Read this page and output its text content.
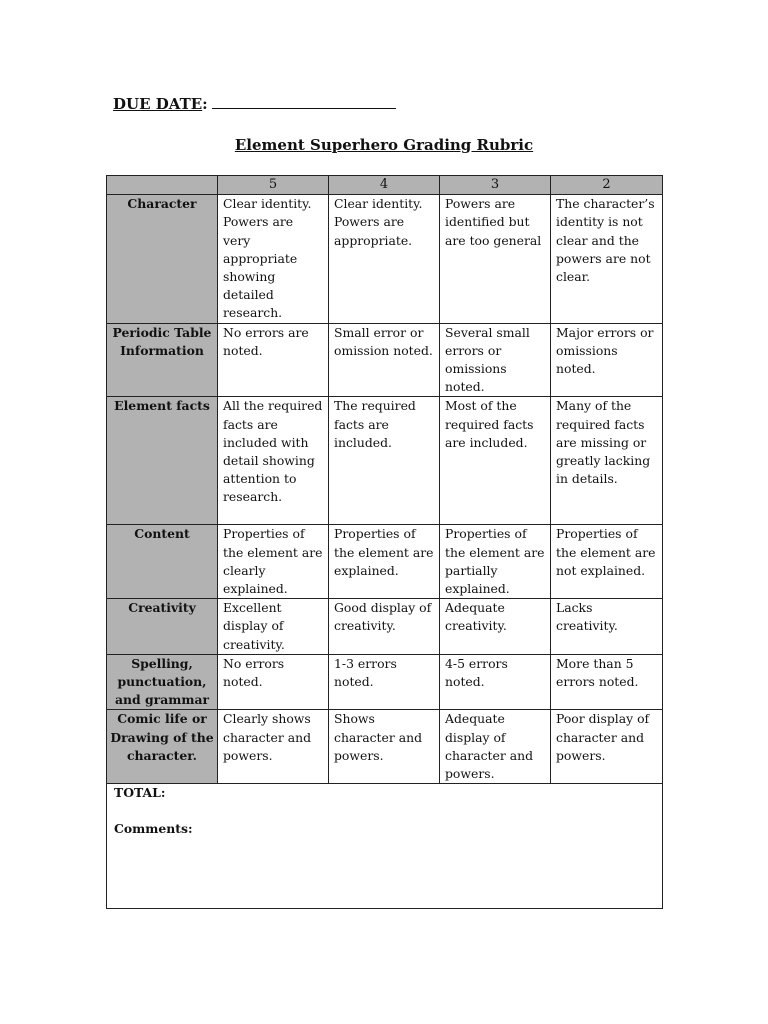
DUE DATE:
Element Superhero Grading Rubric
	5	4	3	2
Character	Clear identity. Powers are very appropriate showing detailed research.	Clear identity. Powers are appropriate.	Powers are identified but are too general	The character’s identity is not clear and the powers are not clear.
Periodic Table Information	No errors are noted.	Small error or omission noted.	Several small errors or omissions noted.	Major errors or omissions noted.
Element facts	All the required facts are included with detail showing attention to research.	The required facts are included.	Most of the required facts are included.	Many of the required facts are missing or greatly lacking in details.
Content	Properties of the element are clearly explained.	Properties of the element are explained.	Properties of the element are partially explained.	Properties of the element are not explained.
Creativity	Excellent display of creativity.	Good display of creativity.	Adequate creativity.	Lacks creativity.
Spelling, punctuation, and grammar	No errors noted.	1-3 errors noted.	4-5 errors noted.	More than 5 errors noted.
Comic life or Drawing of the character.	Clearly shows character and powers.	Shows character and powers.	Adequate display of character and powers.	Poor display of character and powers.

TOTAL:
Comments:				
